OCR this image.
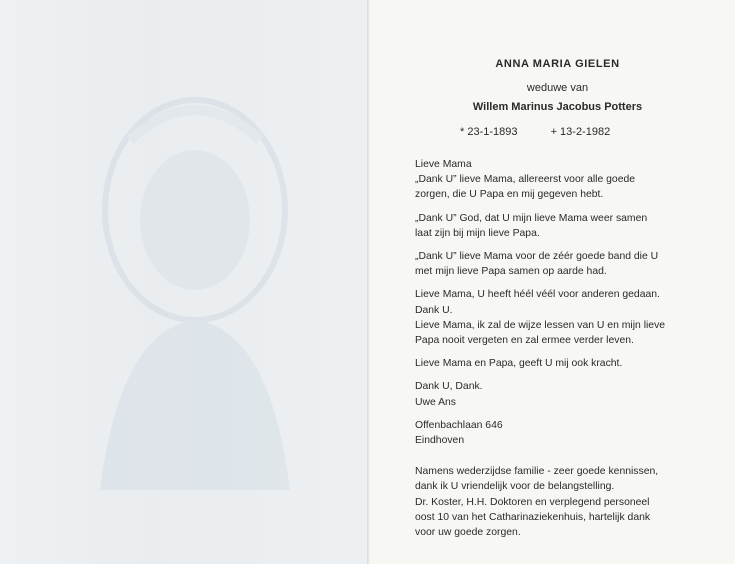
ANNA MARIA GIELEN
weduwe van
Willem Marinus Jacobus Potters
* 23-1-1893	+ 13-2-1982

Lieve Mama

„Dank U” lieve Mama, allereerst voor alle goede

zorgen, die U Papa en mij gegeven hebt.

„Dank U” God, dat U mijn lieve Mama weer samen

laat zijn bij mijn lieve Papa.

„Dank U” lieve Mama voor de zéér goede band die U

met mijn lieve Papa samen op aarde had.

Lieve Mama, U heeft héél véél voor anderen gedaan.

Dank U.

Lieve Mama, ik zal de wijze lessen van U en mijn lieve

Papa nooit vergeten en zal ermee verder leven.

Lieve Mama en Papa, geeft U mij ook kracht.

Dank U, Dank.

Uwe Ans

Offenbachlaan 646

Eindhoven

Namens wederzijdse familie - zeer goede kennissen,

dank ik U vriendelijk voor de belangstelling.

Dr. Koster, H.H. Doktoren en verplegend personeel

oost 10 van het Catharinaziekenhuis, hartelijk dank

voor uw goede zorgen.
